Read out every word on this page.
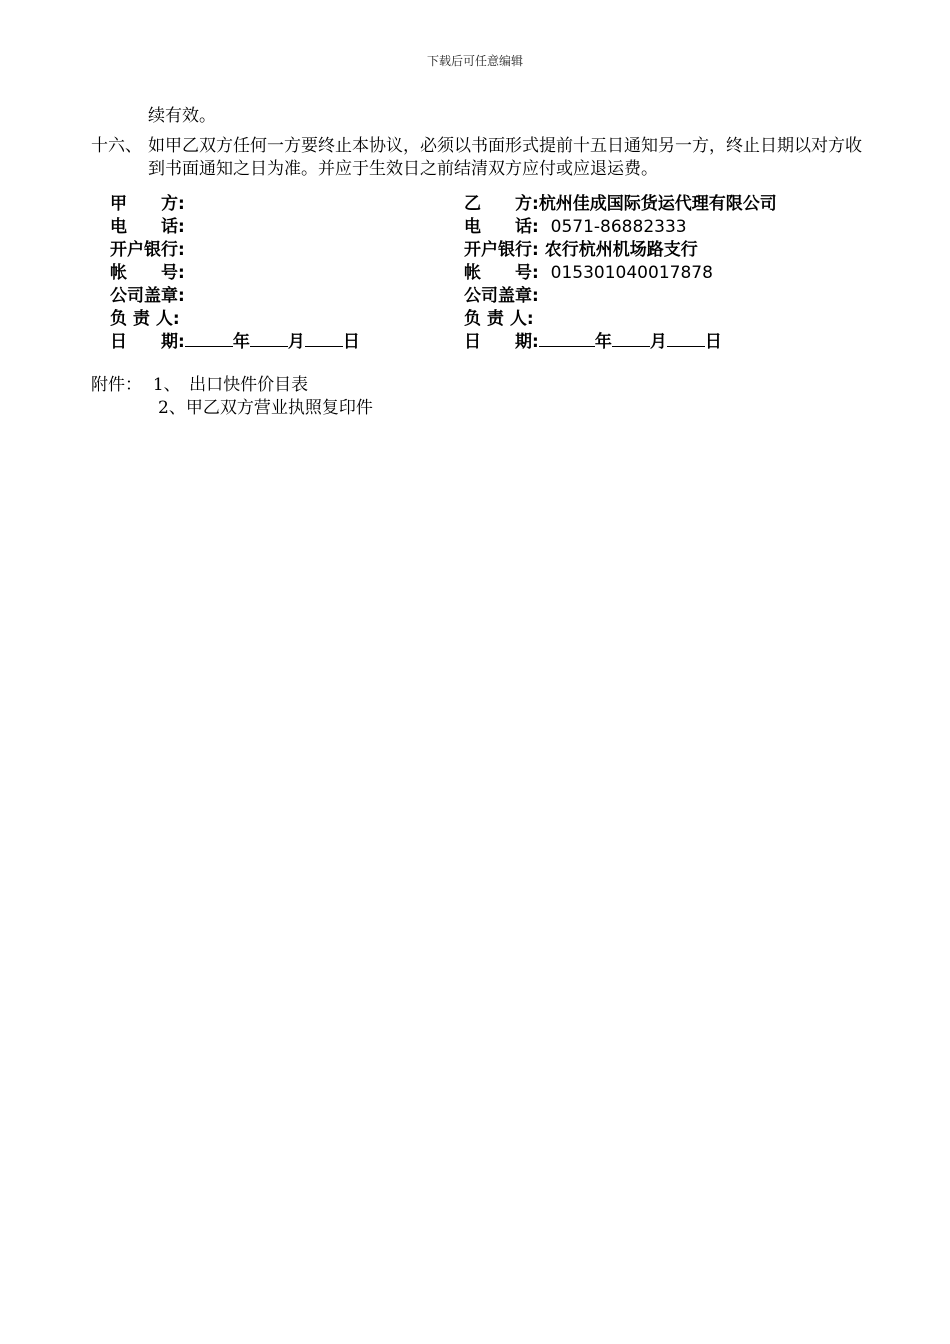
下载后可任意编辑
续有效。
十六、 如甲乙双方任何一方要终止本协议，必须以书面形式提前十五日通知另一方，终止日期以对方收到书面通知之日为准。并应于生效日之前结清双方应付或应退运费。
甲　　方:	乙　　方:杭州佳成国际货运代理有限公司
电　　话:	电　　话: 0571-86882333
开户银行:	开户银行: 农行杭州机场路支行
帐　　号:	帐　　号: 015301040017878
公司盖章:	公司盖章:
负 责 人:	负 责 人:
日　　期:	年 月 日	日　　期:	年 月 日
附件： 1、　出口快件价目表
2、甲乙双方营业执照复印件
